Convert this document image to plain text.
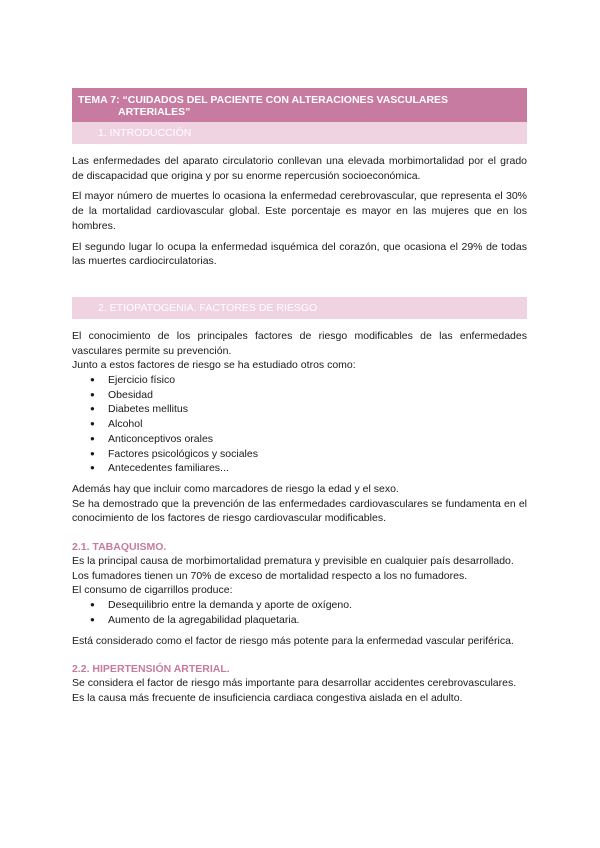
TEMA 7: “CUIDADOS DEL PACIENTE CON ALTERACIONES VASCULARES
ARTERIALES”
1. INTRODUCCIÓN

Las enfermedades del aparato circulatorio conllevan una elevada morbimortalidad por el grado de discapacidad que origina y por su enorme repercusión socioeconómica.

El mayor número de muertes lo ocasiona la enfermedad cerebrovascular, que representa el 30% de la mortalidad cardiovascular global. Este porcentaje es mayor en las mujeres que en los hombres.

El segundo lugar lo ocupa la enfermedad isquémica del corazón, que ocasiona el 29% de todas las muertes cardiocirculatorias.

2. ETIOPATOGENIA. FACTORES DE RIESGO

El conocimiento de los principales factores de riesgo modificables de las enfermedades vasculares permite su prevención.

Junto a estos factores de riesgo se ha estudiado otros como:

● Ejercicio físico
● Obesidad
● Diabetes mellitus
● Alcohol
● Anticonceptivos orales
● Factores psicológicos y sociales
● Antecedentes familiares...

Además hay que incluir como marcadores de riesgo la edad y el sexo.

Se ha demostrado que la prevención de las enfermedades cardiovasculares se fundamenta en el conocimiento de los factores de riesgo cardiovascular modificables.

2.1. TABAQUISMO.

Es la principal causa de morbimortalidad prematura y previsible en cualquier país desarrollado.

Los fumadores tienen un 70% de exceso de mortalidad respecto a los no fumadores.

El consumo de cigarrillos produce:

● Desequilibrio entre la demanda y aporte de oxígeno.
● Aumento de la agregabilidad plaquetaria.

Está considerado como el factor de riesgo más potente para la enfermedad vascular periférica.

2.2. HIPERTENSIÓN ARTERIAL.

Se considera el factor de riesgo más importante para desarrollar accidentes cerebrovasculares.

Es la causa más frecuente de insuficiencia cardiaca congestiva aislada en el adulto.
